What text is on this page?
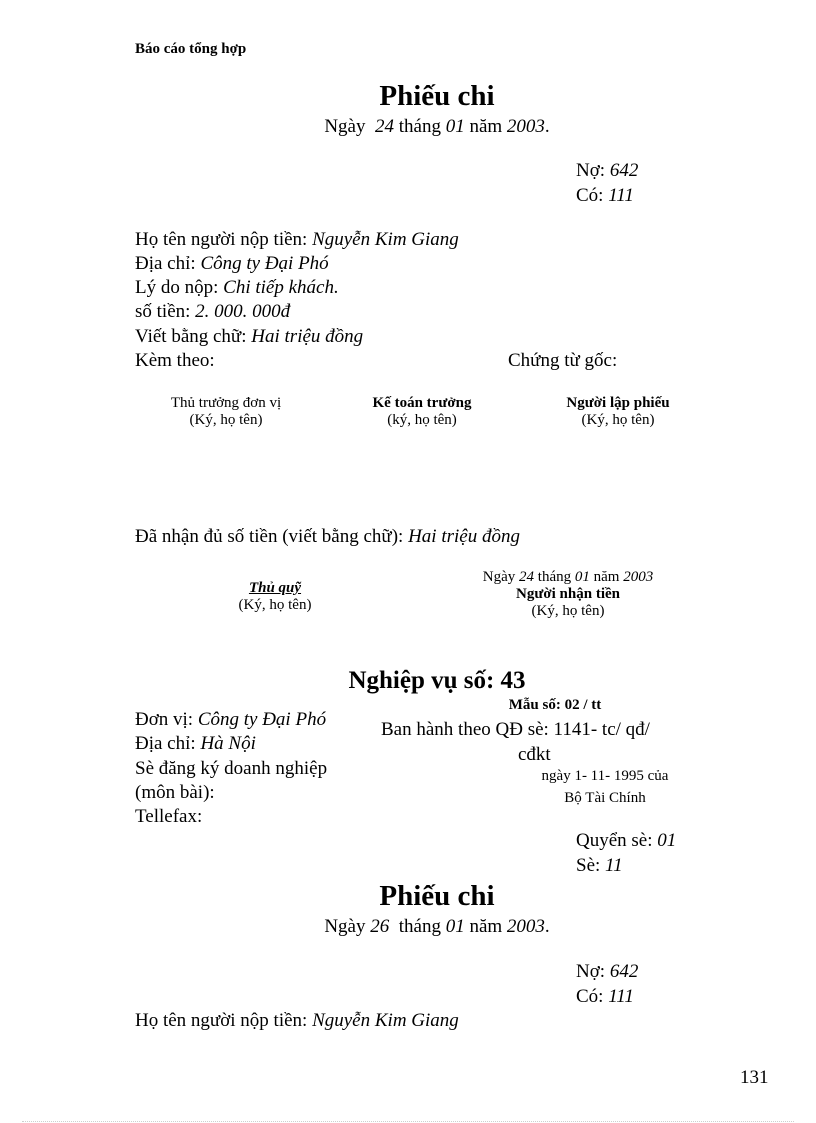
Báo cáo tổng hợp
Phiếu chi
Ngày 24 tháng 01 năm 2003.
Nợ: 642
Có: 111
Họ tên người nộp tiền: Nguyễn Kim Giang
Địa chỉ: Công ty Đại Phó
Lý do nộp: Chi tiếp khách.
số tiền: 2. 000. 000đ
Viết bằng chữ: Hai triệu đồng
Kèm theo:	Chứng từ gốc:
Thủ trưởng đơn vị
(Ký, họ tên)
Kế toán trưởng
(ký, họ tên)
Người lập phiếu
(Ký, họ tên)
Đã nhận đủ số tiền (viết bằng chữ): Hai triệu đồng
Thủ quỹ
(Ký, họ tên)
Ngày 24 tháng 01 năm 2003
Người nhận tiền
(Ký, họ tên)
Nghiệp vụ số: 43
Đơn vị: Công ty Đại Phó
Địa chỉ: Hà Nội
Sè đăng ký doanh nghiệp
(môn bài):
Tellefax:
Mẫu số: 02 / tt
Ban hành theo QĐ sè: 1141- tc/ qđ/
cđkt
ngày 1- 11- 1995 của
Bộ Tài Chính
Quyển sè: 01
Sè: 11
Phiếu chi
Ngày 26 tháng 01 năm 2003.
Nợ: 642
Có: 111
Họ tên người nộp tiền: Nguyễn Kim Giang
131
